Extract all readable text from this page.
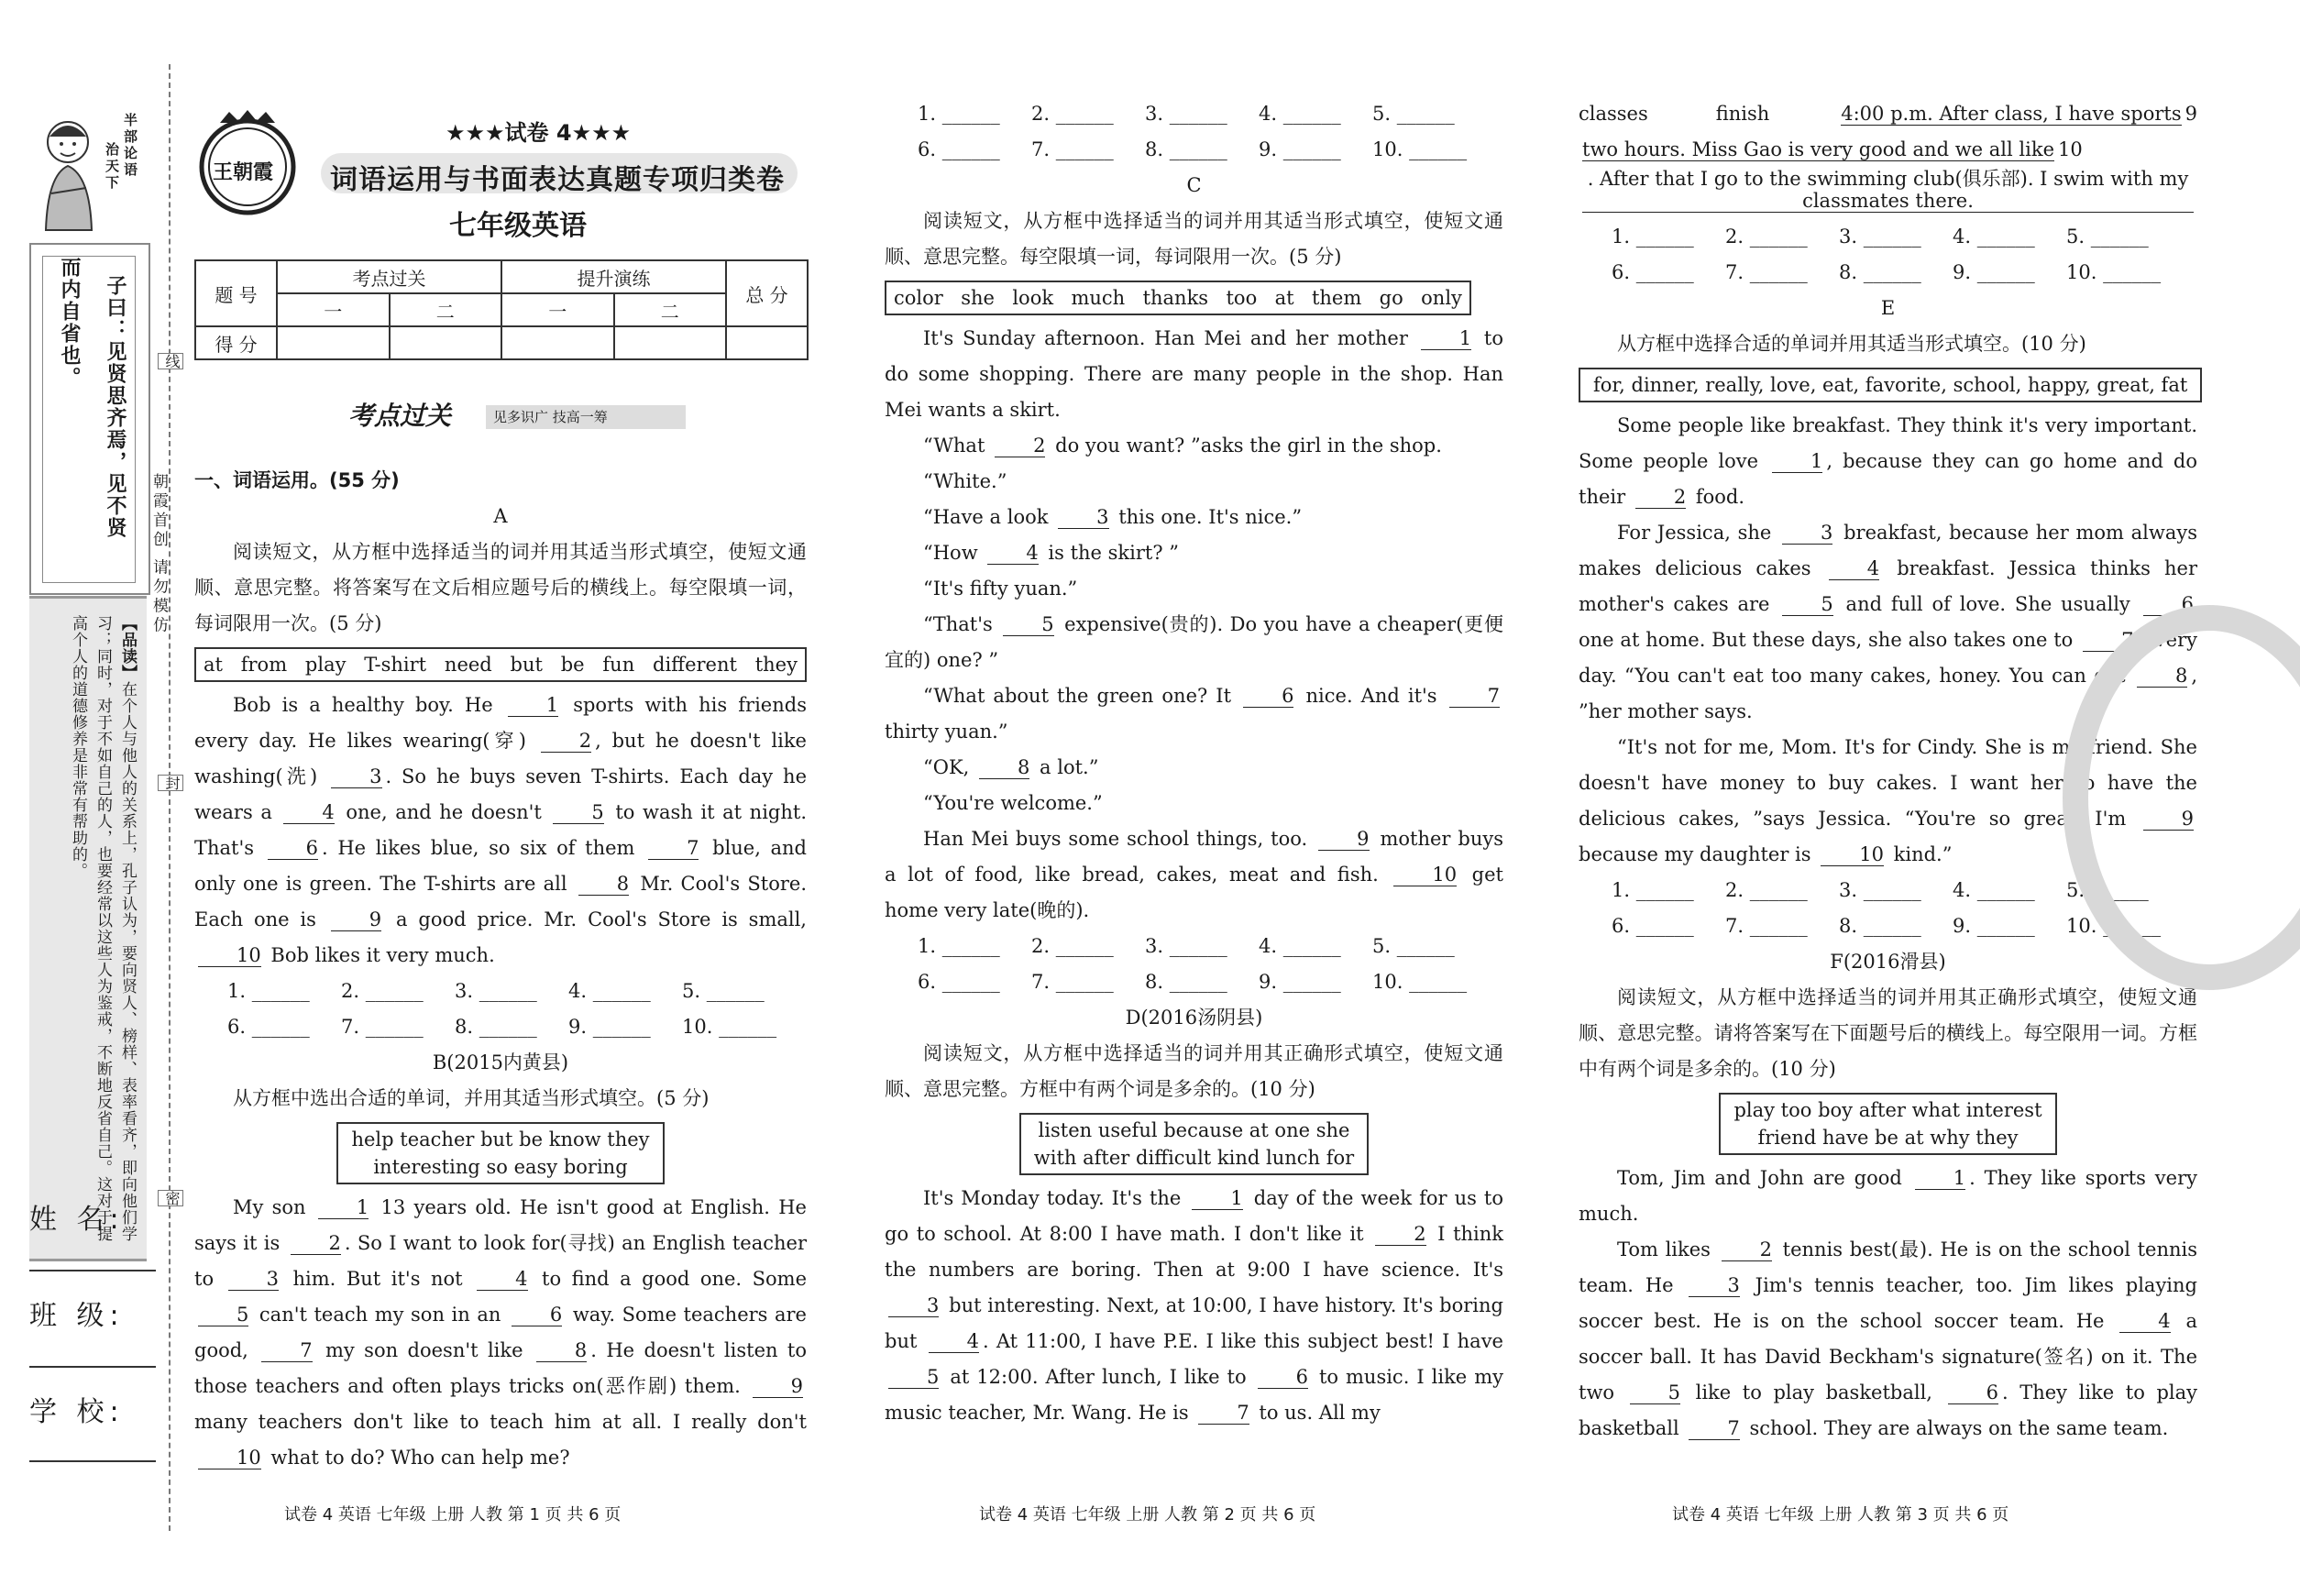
半部论语
治天下
子曰：见贤思齐焉，见不贤
而内自省也。
【品读】在个人与他人的关系上，孔子认为，要向贤人、榜样、表率看齐，即向他们学习；同时，对于不如自己的人，也要经常以这些人为鉴戒，不断地反省自己。这对于提高个人的道德修养是非常有帮助的。
姓 名:
班 级:
学 校:
线
封
密
朝霞首创 请勿模仿
王朝霞
★★★试卷 4★★★
词语运用与书面表达真题专项归类卷
七年级英语
题 号	考点过关		提升演练		总 分
	一	二	一	二	
得 分					
考点过关	见多识广 技高一筹

一、词语运用。(55 分)

A

阅读短文，从方框中选择适当的词并用其适当形式填空，使短文通顺、意思完整。将答案写在文后相应题号后的横线上。每空限填一词，每词限用一次。(5 分)

at from play T-shirt need but be fun different they

Bob is a healthy boy. He 1 sports with his friends every day. He likes wearing(穿) 2 , but he doesn't like washing(洗) 3 . So he buys seven T-shirts. Each day he wears a 4 one, and he doesn't 5 to wash it at night. That's 6 . He likes blue, so six of them 7 blue, and only one is green. The T-shirts are all 8 Mr. Cool's Store. Each one is 9 a good price. Mr. Cool's Store is small, 10 Bob likes it very much.

1. ______	2. ______	3. ______	4. ______	5. ______
6. ______	7. ______	8. ______	9. ______	10. ______

B(2015内黄县)

从方框中选出合适的单词，并用其适当形式填空。(5 分)

help teacher but be know they
interesting so easy boring

My son 1 13 years old. He isn't good at English. He says it is 2 . So I want to look for(寻找) an English teacher to 3 him. But it's not 4 to find a good one. Some 5 can't teach my son in an 6 way. Some teachers are good, 7 my son doesn't like 8 . He doesn't listen to those teachers and often plays tricks on(恶作剧) them. 9 many teachers don't like to teach him at all. I really don't 10 what to do? Who can help me?

1. ______	2. ______	3. ______	4. ______	5. ______
6. ______	7. ______	8. ______	9. ______	10. ______

C

阅读短文，从方框中选择适当的词并用其适当形式填空，使短文通顺、意思完整。每空限填一词，每词限用一次。(5 分)

color she look much thanks too at them go only

It's Sunday afternoon. Han Mei and her mother 1 to do some shopping. There are many people in the shop. Han Mei wants a skirt.

“What 2 do you want? ”asks the girl in the shop.

“White.”

“Have a look 3 this one. It's nice.”

“How 4 is the skirt? ”

“It's fifty yuan.”

“That's 5 expensive(贵的). Do you have a cheaper(更便宜的) one? ”

“What about the green one? It 6 nice. And it's 7 thirty yuan.”

“OK, 8 a lot.”

“You're welcome.”

Han Mei buys some school things, too. 9 mother buys a lot of food, like bread, cakes, meat and fish. 10 get home very late(晚的).

1. ______	2. ______	3. ______	4. ______	5. ______
6. ______	7. ______	8. ______	9. ______	10. ______

D(2016汤阴县)

阅读短文，从方框中选择适当的词并用其正确形式填空，使短文通顺、意思完整。方框中有两个词是多余的。(10 分)

listen useful because at one she
with after difficult kind lunch for

It's Monday today. It's the 1 day of the week for us to go to school. At 8:00 I have math. I don't like it 2 I think the numbers are boring. Then at 9:00 I have science. It's 3 but interesting. Next, at 10:00, I have history. It's boring but 4 . At 11:00, I have P.E. I like this subject best! I have 5 at 12:00. After lunch, I like to 6 to music. I like my music teacher, Mr. Wang. He is 7 to us. All my

classes finish 4:00 p.m. After class, I have sports9two hours. Miss Gao is very good and we all like10. After that I go to the swimming club(俱乐部). I swim with my classmates there.

1. ______	2. ______	3. ______	4. ______	5. ______
6. ______	7. ______	8. ______	9. ______	10. ______

E

从方框中选择合适的单词并用其适当形式填空。(10 分)

for, dinner, really, love, eat, favorite, school, happy, great, fat

Some people like breakfast. They think it's very important. Some people love 1 , because they can go home and do their 2 food.

For Jessica, she 3 breakfast, because her mom always makes delicious cakes 4 breakfast. Jessica thinks her mother's cakes are 5 and full of love. She usually 6 one at home. But these days, she also takes one to 7 every day. “You can't eat too many cakes, honey. You can get 8 , ”her mother says.

“It's not for me, Mom. It's for Cindy. She is my friend. She doesn't have money to buy cakes. I want her to have the delicious cakes, ”says Jessica. “You're so great. I'm 9 because my daughter is 10 kind.”

1. ______	2. ______	3. ______	4. ______	5. ______
6. ______	7. ______	8. ______	9. ______	10. ______

F(2016滑县)

阅读短文，从方框中选择适当的词并用其正确形式填空，使短文通顺、意思完整。请将答案写在下面题号后的横线上。每空限用一词。方框中有两个词是多余的。(10 分)

play too boy after what interest
friend have be at why they

Tom, Jim and John are good 1 . They like sports very much.

Tom likes 2 tennis best(最). He is on the school tennis team. He 3 Jim's tennis teacher, too. Jim likes playing soccer best. He is on the school soccer team. He 4 a soccer ball. It has David Beckham's signature(签名) on it. The two 5 like to play basketball, 6 . They like to play basketball 7 school. They are always on the same team.

试卷 4 英语 七年级 上册 人教 第 1 页 共 6 页	试卷 4 英语 七年级 上册 人教 第 2 页 共 6 页	试卷 4 英语 七年级 上册 人教 第 3 页 共 6 页
